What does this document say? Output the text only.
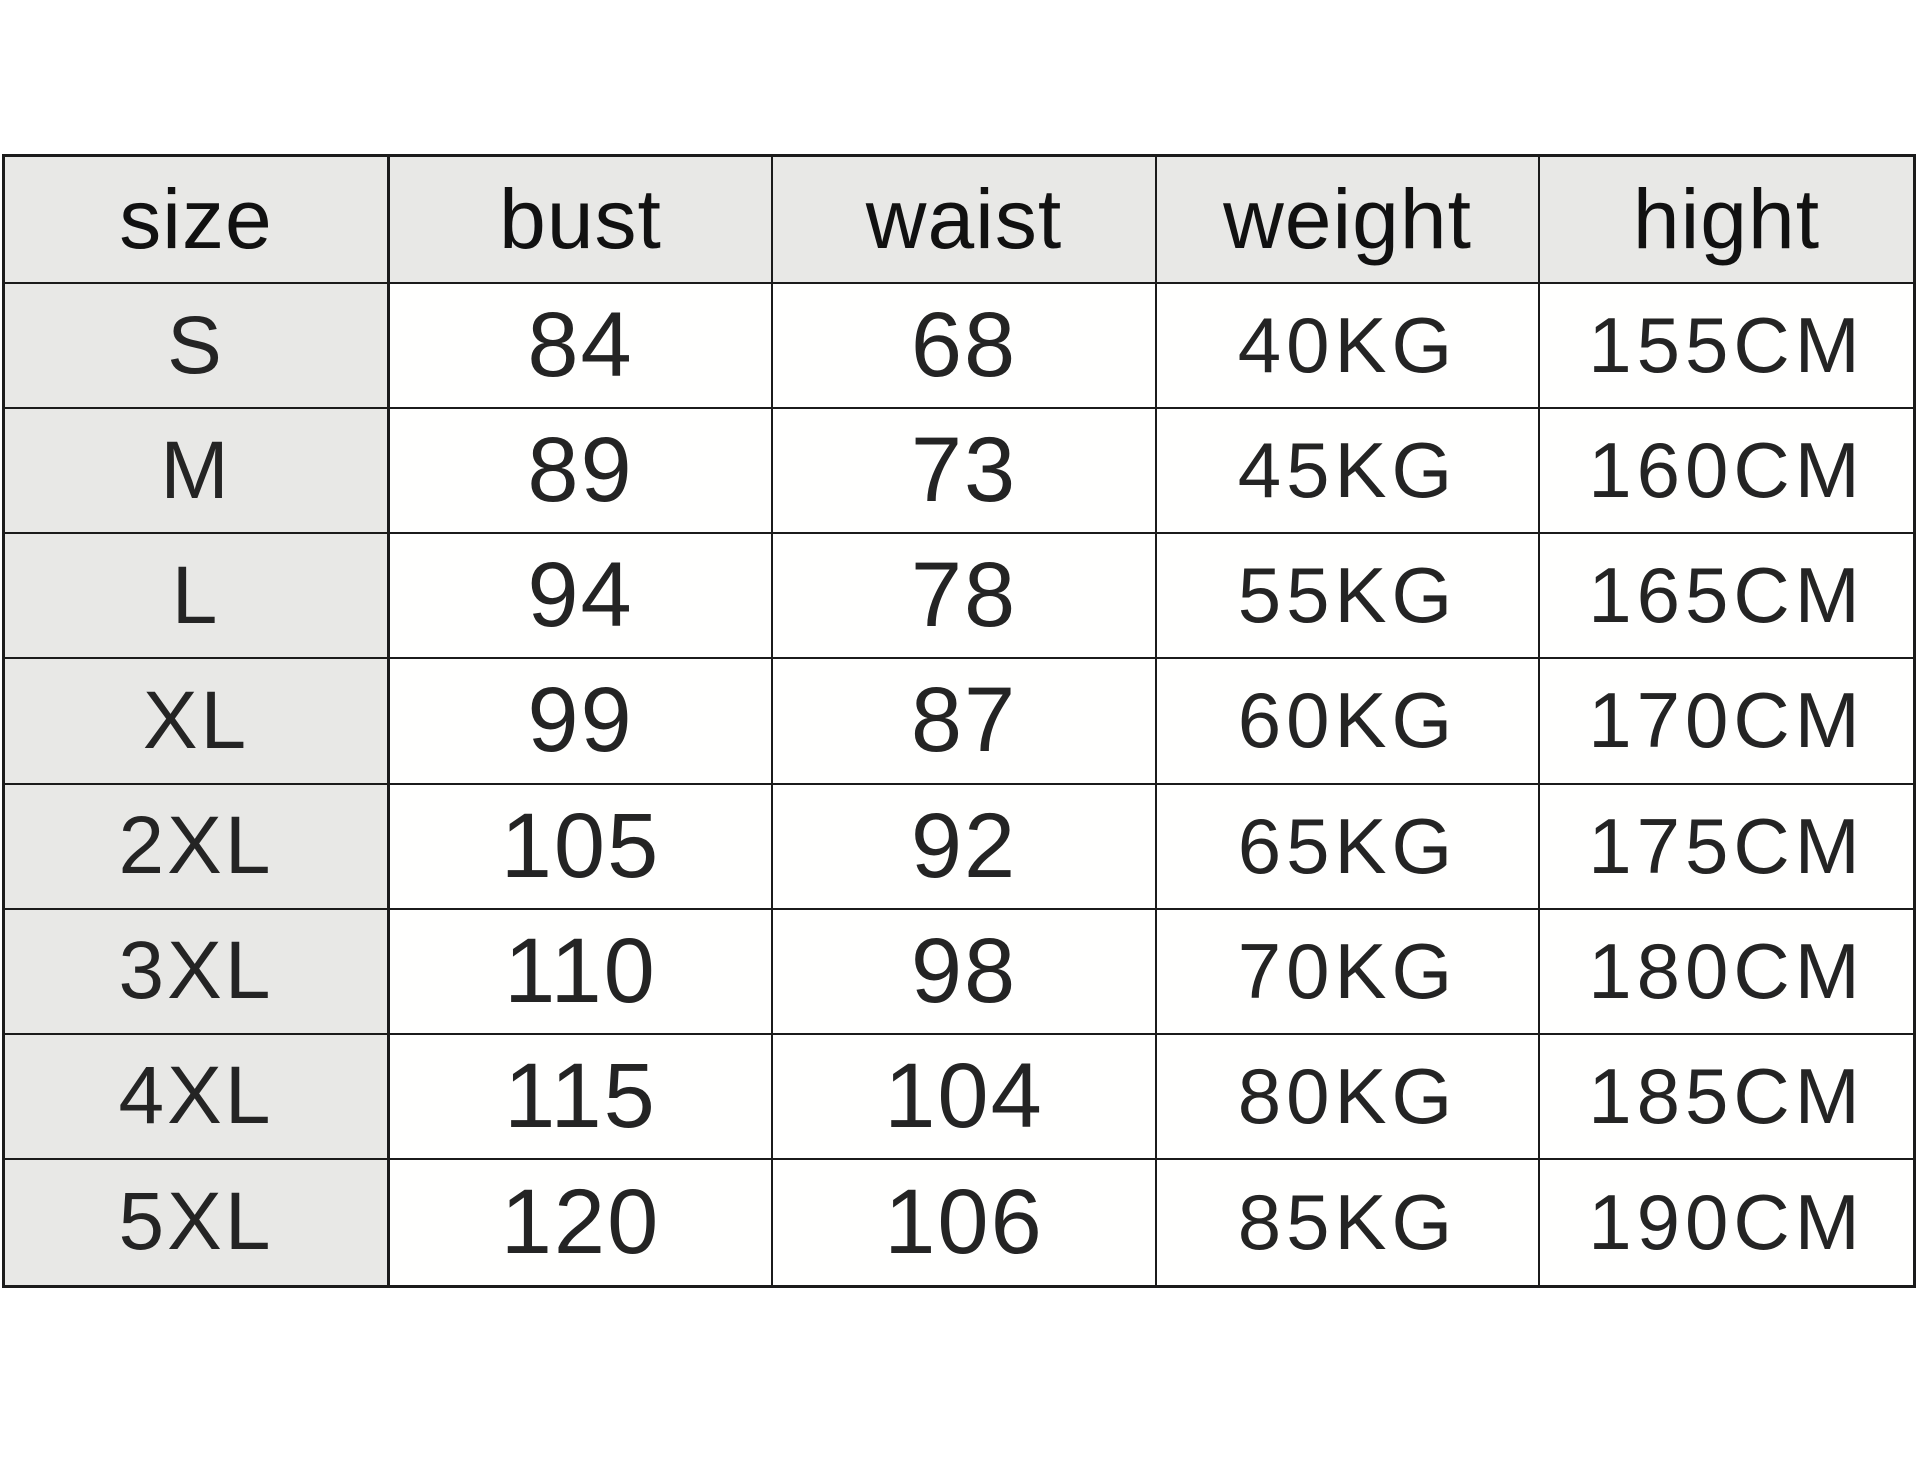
size	bust	waist	weight	hight
S	84	68	40KG	155CM
M	89	73	45KG	160CM
L	94	78	55KG	165CM
XL	99	87	60KG	170CM
2XL	105	92	65KG	175CM
3XL	110	98	70KG	180CM
4XL	115	104	80KG	185CM
5XL	120	106	85KG	190CM
